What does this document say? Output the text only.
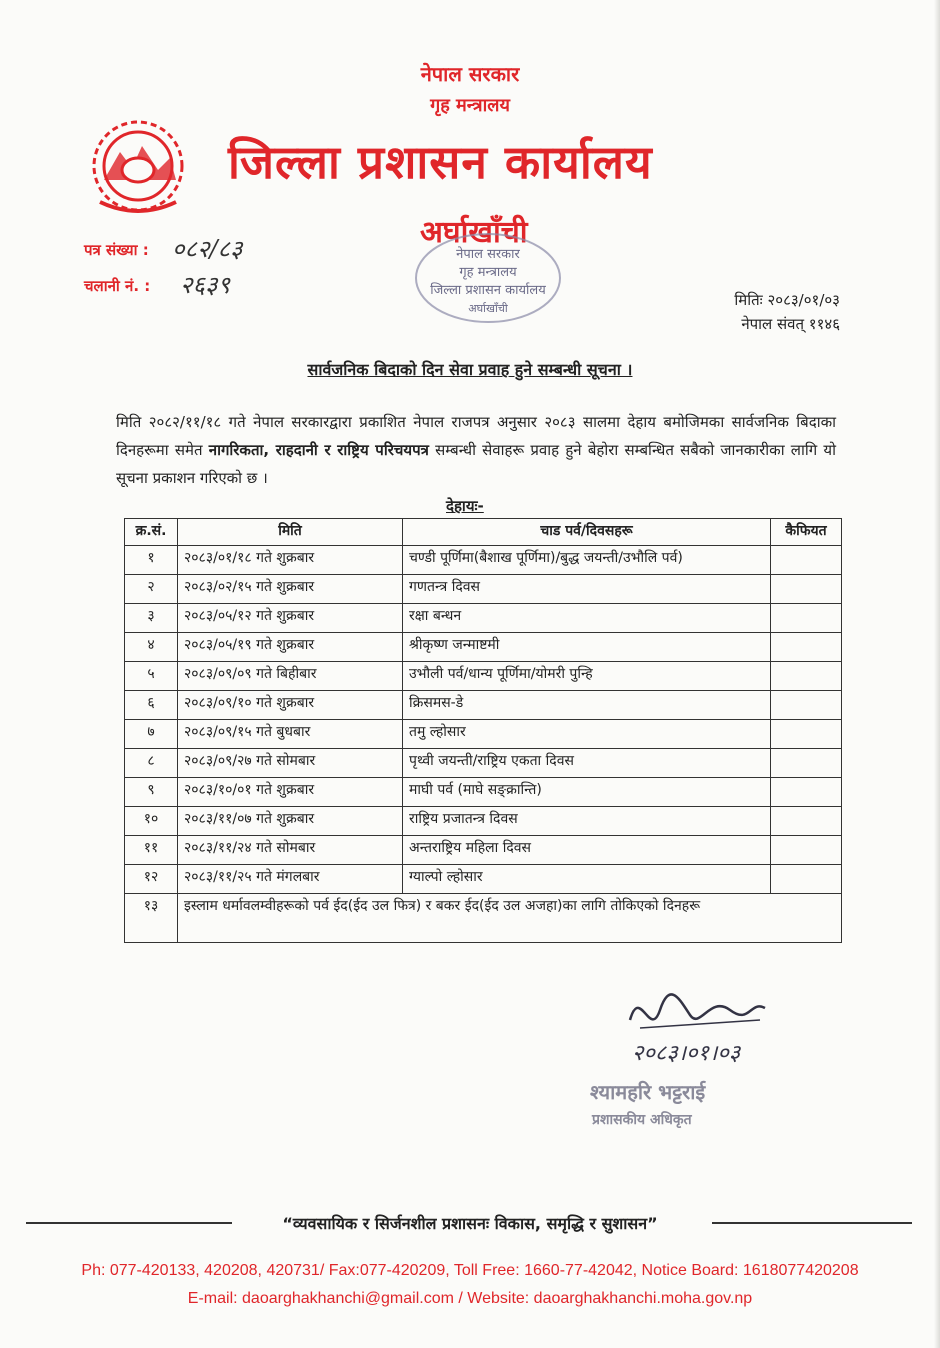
नेपाल सरकार
गृह मन्त्रालय
जिल्ला प्रशासन कार्यालय
अर्घाखाँची
नेपाल सरकार
गृह मन्त्रालय
जिल्ला प्रशासन कार्यालय
अर्घाखाँची
पत्र संख्या : ०८२/८३
चलानी नं. : २६३९
मितिः २०८३/०१/०३
नेपाल संवत् ११४६
सार्वजनिक बिदाको दिन सेवा प्रवाह हुने सम्बन्धी सूचना ।
मिति २०८२/११/१८ गते नेपाल सरकारद्वारा प्रकाशित नेपाल राजपत्र अनुसार २०८३ सालमा देहाय बमोजिमका सार्वजनिक बिदाका दिनहरूमा समेत नागरिकता, राहदानी र राष्ट्रिय परिचयपत्र सम्बन्धी सेवाहरू प्रवाह हुने बेहोरा सम्बन्धित सबैको जानकारीका लागि यो सूचना प्रकाशन गरिएको छ ।
देहायः-
क्र.सं.	मिति	चाड पर्व/दिवसहरू	कैफियत
१	२०८३/०१/१८ गते शुक्रबार	चण्डी पूर्णिमा(बैशाख पूर्णिमा)/बुद्ध जयन्ती/उभौलि पर्व)	
२	२०८३/०२/१५ गते शुक्रबार	गणतन्त्र दिवस	
३	२०८३/०५/१२ गते शुक्रबार	रक्षा बन्धन	
४	२०८३/०५/१९ गते शुक्रबार	श्रीकृष्ण जन्माष्टमी	
५	२०८३/०९/०९ गते बिहीबार	उभौली पर्व/धान्य पूर्णिमा/योमरी पुन्हि	
६	२०८३/०९/१० गते शुक्रबार	क्रिसमस-डे	
७	२०८३/०९/१५ गते बुधबार	तमु ल्होसार	
८	२०८३/०९/२७ गते सोमबार	पृथ्वी जयन्ती/राष्ट्रिय एकता दिवस	
९	२०८३/१०/०१ गते शुक्रबार	माघी पर्व (माघे सङ्क्रान्ति)	
१०	२०८३/११/०७ गते शुक्रबार	राष्ट्रिय प्रजातन्त्र दिवस	
११	२०८३/११/२४ गते सोमबार	अन्तराष्ट्रिय महिला दिवस	
१२	२०८३/११/२५ गते मंगलबार	ग्याल्पो ल्होसार	
१३	इस्लाम धर्मावलम्वीहरूको पर्व ईद(ईद उल फित्र) र बकर ईद(ईद उल अजहा)का लागि तोकिएको दिनहरू		
२०८३।०१।०३
श्यामहरि भट्टराई
प्रशासकीय अधिकृत
“व्यवसायिक र सिर्जनशील प्रशासनः विकास, समृद्धि र सुशासन”
Ph: 077-420133, 420208, 420731/ Fax:077-420209, Toll Free: 1660-77-42042, Notice Board: 1618077420208
E-mail: daoarghakhanchi@gmail.com / Website: daoarghakhanchi.moha.gov.np
